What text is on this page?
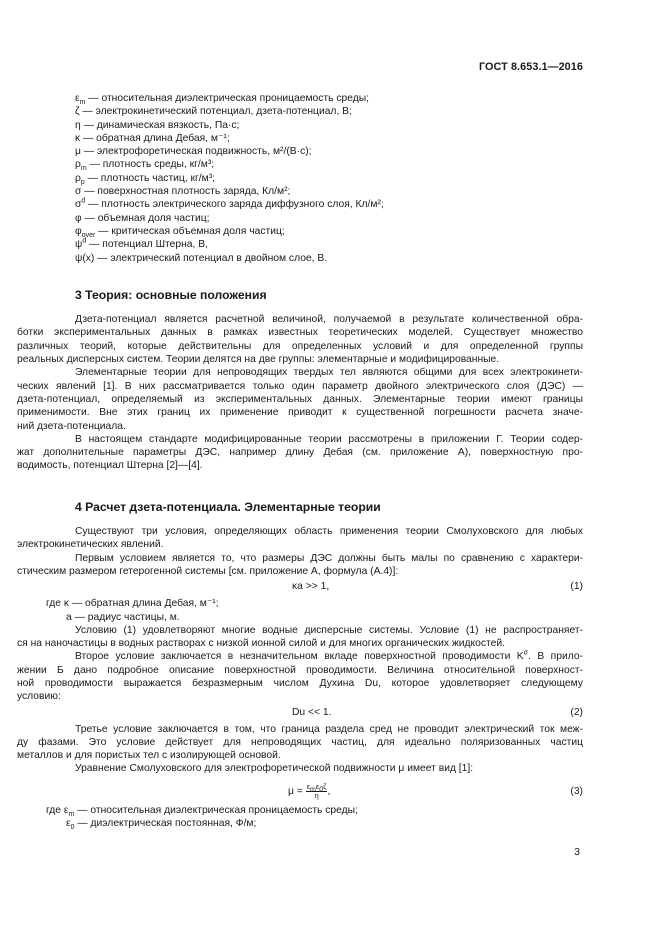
ГОСТ 8.653.1—2016
$\varepsilon_m$ — относительная диэлектрическая проницаемость среды;
ζ — электрокинетический потенциал, дзета-потенциал, В;
η — динамическая вязкость, Па·с;
κ — обратная длина Дебая, м⁻¹;
μ — электрофоретическая подвижность, м²/(В·с);
$\rho_m$ — плотность среды, кг/м³;
$\rho_p$ — плотность частиц, кг/м³;
σ — поверхностная плотность заряда, Кл/м²;
$\sigma^d$ — плотность электрического заряда диффузного слоя, Кл/м²;
φ — объемная доля частиц;
$\varphi_{over}$ — критическая объемная доля частиц;
$\psi^d$ — потенциал Штерна, В,
ψ(x) — электрический потенциал в двойном слое, В.
3 Теория: основные положения

Дзета-потенциал является расчетной величиной, получаемой в результате количественной обра-
ботки экспериментальных данных в рамках известных теоретических моделей. Существует множество
различных теорий, которые действительны для определенных условий и для определенной группы
реальных дисперсных систем. Теории делятся на две группы: элементарные и модифицированные.

Элементарные теории для непроводящих твердых тел являются общими для всех электрокинети-
ческих явлений [1]. В них рассматривается только один параметр двойного электрического слоя (ДЭС) —
дзета-потенциал, определяемый из экспериментальных данных. Элементарные теории имеют границы
применимости. Вне этих границ их применение приводит к существенной погрешности расчета значе-
ний дзета-потенциала.

В настоящем стандарте модифицированные теории рассмотрены в приложении Г. Теории содер-
жат дополнительные параметры ДЭС, например длину Дебая (см. приложение А), поверхностную про-
водимость, потенциал Штерна [2]—[4].

4 Расчет дзета-потенциала. Элементарные теории

Существуют три условия, определяющих область применения теории Смолуховского для любых
электрокинетических явлений.

Первым условием является то, что размеры ДЭС должны быть малы по сравнению с характери-
стическим размером гетерогенной системы [см. приложение А, формула (А.4)]:

κa >> 1,	(1)
где κ — обратная длина Дебая, м⁻¹;
a — радиус частицы, м.

Условию (1) удовлетворяют многие водные дисперсные системы. Условие (1) не распространяет-
ся на наночастицы в водных растворах с низкой ионной силой и для многих органических жидкостей.

Второе условие заключается в незначительном вкладе поверхностной проводимости $K^\sigma$. В прило-
жении Б дано подробное описание поверхностной проводимости. Величина относительной поверхност-
ной проводимости выражается безразмерным числом Духина Du, которое удовлетворяет следующему
условию:

Du << 1.	(2)

Третье условие заключается в том, что граница раздела сред не проводит электрический ток меж-
ду фазами. Это условие действует для непроводящих частиц, для идеально поляризованных частиц
металлов и для пористых тел с изолирующей основой.

Уравнение Смолуховского для электрофоретической подвижности μ имеет вид [1]:

$\mu = \frac{\varepsilon_m\varepsilon_0\zeta}{\eta}$ ,	(3)
где $\varepsilon_m$ — относительная диэлектрическая проницаемость среды;
$\varepsilon_0$ — диэлектрическая постоянная, Ф/м;
3
